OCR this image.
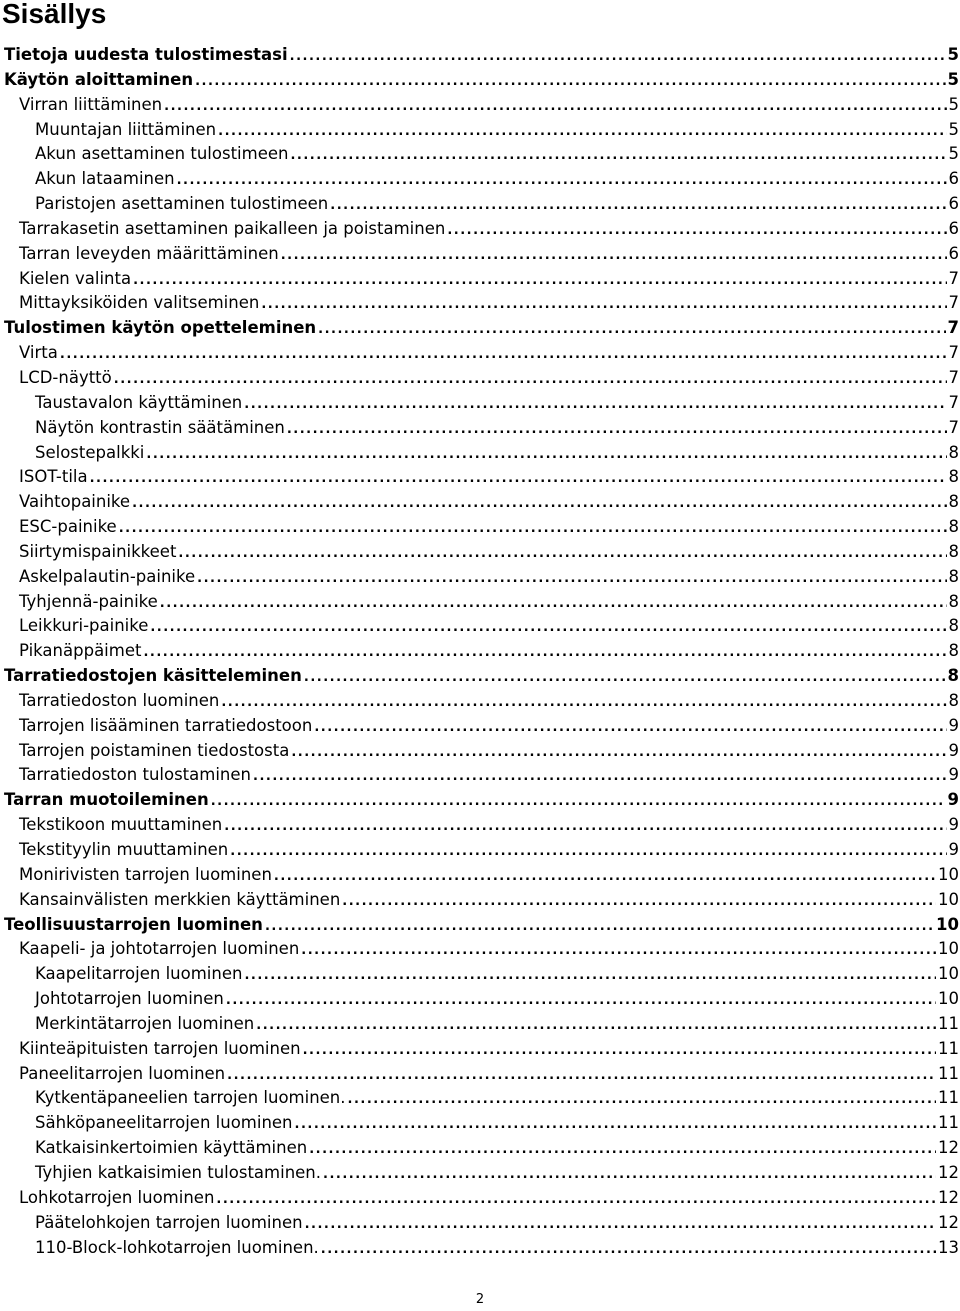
Sisällys
Tietoja uudesta tulostimestasi .....	5
Käytön aloittaminen .....	5
Virran liittäminen .....	5
Muuntajan liittäminen .....	5
Akun asettaminen tulostimeen .....	5
Akun lataaminen .....	6
Paristojen asettaminen tulostimeen .....	6
Tarrakasetin asettaminen paikalleen ja poistaminen .....	6
Tarran leveyden määrittäminen .....	6
Kielen valinta .....	7
Mittayksiköiden valitseminen .....	7
Tulostimen käytön opetteleminen .....	7
Virta .....	7
LCD-näyttö .....	7
Taustavalon käyttäminen .....	7
Näytön kontrastin säätäminen .....	7
Selostepalkki .....	8
ISOT-tila .....	8
Vaihtopainike .....	8
ESC-painike .....	8
Siirtymispainikkeet .....	8
Askelpalautin-painike .....	8
Tyhjennä-painike .....	8
Leikkuri-painike .....	8
Pikanäppäimet .....	8
Tarratiedostojen käsitteleminen .....	8
Tarratiedoston luominen .....	8
Tarrojen lisääminen tarratiedostoon .....	9
Tarrojen poistaminen tiedostosta .....	9
Tarratiedoston tulostaminen .....	9
Tarran muotoileminen .....	9
Tekstikoon muuttaminen .....	9
Tekstityylin muuttaminen .....	9
Monirivisten tarrojen luominen .....	10
Kansainvälisten merkkien käyttäminen .....	10
Teollisuustarrojen luominen .....	10
Kaapeli- ja johtotarrojen luominen .....	10
Kaapelitarrojen luominen .....	10
Johtotarrojen luominen .....	10
Merkintätarrojen luominen .....	11
Kiinteäpituisten tarrojen luominen .....	11
Paneelitarrojen luominen .....	11
Kytkentäpaneelien tarrojen luominen. .....	11
Sähköpaneelitarrojen luominen .....	11
Katkaisinkertoimien käyttäminen .....	12
Tyhjien katkaisimien tulostaminen. .....	12
Lohkotarrojen luominen .....	12
Päätelohkojen tarrojen luominen .....	12
110-Block-lohkotarrojen luominen. .....	13
2
